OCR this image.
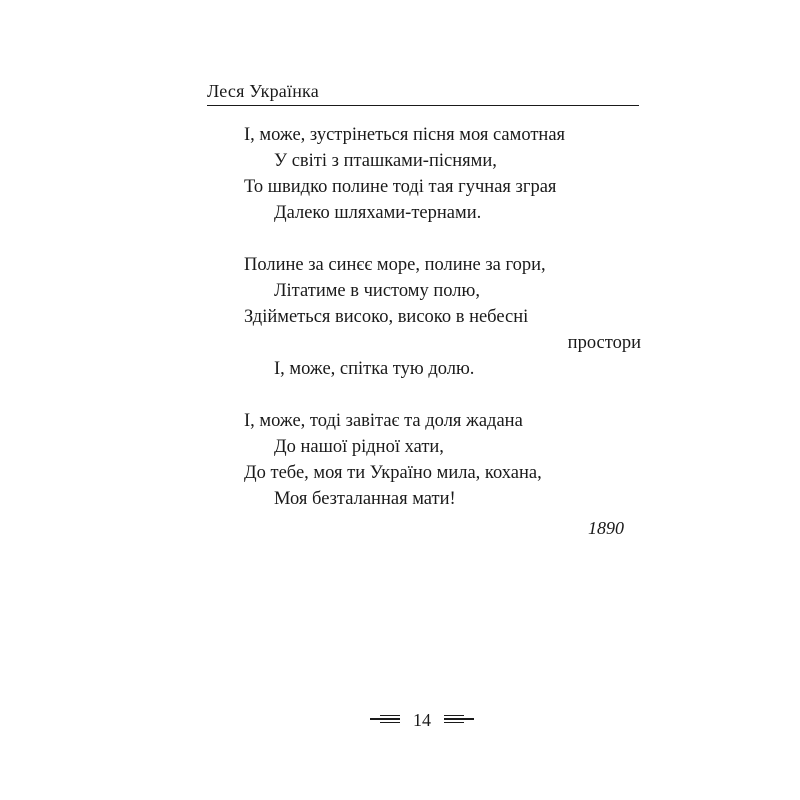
Леся Українка
І, може, зустрінеться пісня моя самотная
У світі з пташками-піснями,
То швидко полине тоді тая гучная зграя
Далеко шляхами-тернами.
Полине за синєє море, полине за гори,
Літатиме в чистому полю,
Здійметься високо, високо в небесні
простори
І, може, спітка тую долю.
І, може, тоді завітає та доля жадана
До нашої рідної хати,
До тебе, моя ти Україно мила, кохана,
Моя безталанная мати!
1890
14
